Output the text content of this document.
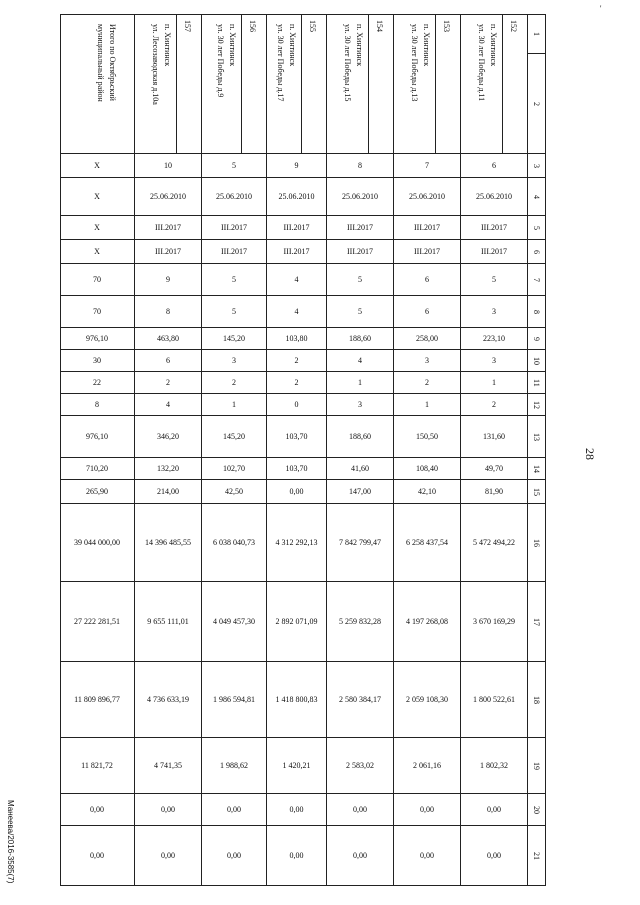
1
2
3
4
5
6
7
8
9
10
11
12
13
14
15
16
17
18
19
20
21
152
п. Хинтинск
ул. 30 лет Победы д.11
6
25.06.2010
III.2017
III.2017
5
3
223,10
3
1
2
131,60
49,70
81,90
5 472 494,22
3 670 169,29
1 800 522,61
1 802,32
0,00
0,00
153
п. Хинтинск
ул. 30 лет Победы д.13
7
25.06.2010
III.2017
III.2017
6
6
258,00
3
2
1
150,50
108,40
42,10
6 258 437,54
4 197 268,08
2 059 108,30
2 061,16
0,00
0,00
154
п. Хинтинск
ул. 30 лет Победы д.15
8
25.06.2010
III.2017
III.2017
5
5
188,60
4
1
3
188,60
41,60
147,00
7 842 799,47
5 259 832,28
2 580 384,17
2 583,02
0,00
0,00
155
п. Хинтинск
ул. 30 лет Победы д.17
9
25.06.2010
III.2017
III.2017
4
4
103,80
2
2
0
103,70
103,70
0,00
4 312 292,13
2 892 071,09
1 418 800,83
1 420,21
0,00
0,00
156
п. Хинтинск
ул. 30 лет Победы д.9
5
25.06.2010
III.2017
III.2017
5
5
145,20
3
2
1
145,20
102,70
42,50
6 038 040,73
4 049 457,30
1 986 594,81
1 988,62
0,00
0,00
157
п. Хинтинск
ул. Лесозаводская д.10а
10
25.06.2010
III.2017
III.2017
9
8
463,80
6
2
4
346,20
132,20
214,00
14 396 485,55
9 655 111,01
4 736 633,19
4 741,35
0,00
0,00
Итого по Октябрьский
муниципальный район
X
X
X
X
70
70
976,10
30
22
8
976,10
710,20
265,90
39 044 000,00
27 222 281,51
11 809 896,77
11 821,72
0,00
0,00
28
Манеева/2016-3585(7)
'
